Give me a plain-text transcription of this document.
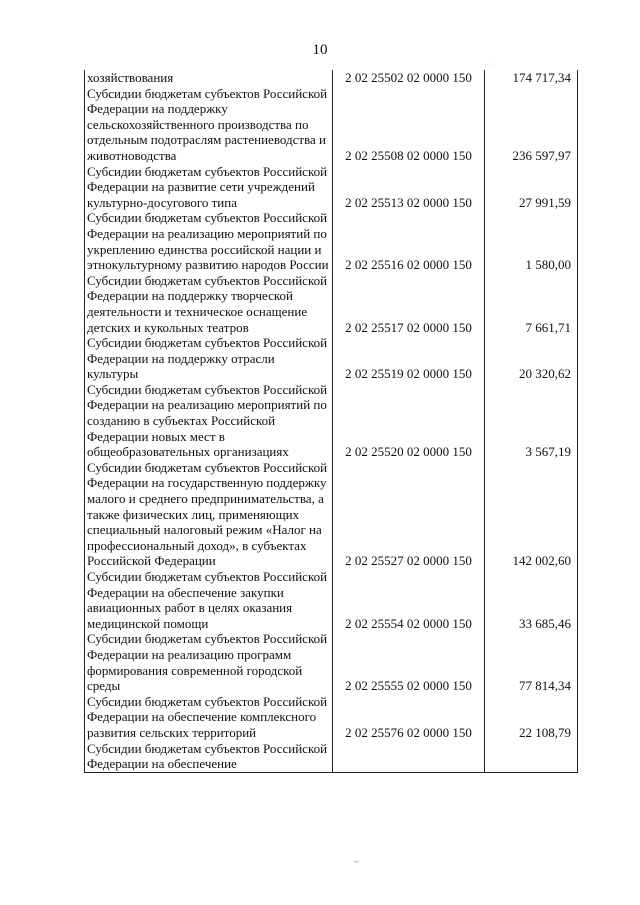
10
хозяйствования	2 02 25502 02 0000 150	174 717,34

Субсидии бюджетам субъектов Российской Федерации на поддержку сельскохозяйственного производства по отдельным подотраслям растениеводства и животноводства	2 02 25508 02 0000 150	236 597,97

Субсидии бюджетам субъектов Российской Федерации на развитие сети учреждений культурно-досугового типа	2 02 25513 02 0000 150	27 991,59

Субсидии бюджетам субъектов Российской Федерации на реализацию мероприятий по укреплению единства российской нации и этнокультурному развитию народов России	2 02 25516 02 0000 150	1 580,00

Субсидии бюджетам субъектов Российской Федерации на поддержку творческой деятельности и техническое оснащение детских и кукольных театров	2 02 25517 02 0000 150	7 661,71

Субсидии бюджетам субъектов Российской Федерации на поддержку отрасли культуры	2 02 25519 02 0000 150	20 320,62

Субсидии бюджетам субъектов Российской Федерации на реализацию мероприятий по созданию в субъектах Российской Федерации новых мест в общеобразовательных организациях	2 02 25520 02 0000 150	3 567,19

Субсидии бюджетам субъектов Российской Федерации на государственную поддержку малого и среднего предпринимательства, а также физических лиц, применяющих специальный налоговый режим «Налог на профессиональный доход», в субъектах Российской Федерации	2 02 25527 02 0000 150	142 002,60

Субсидии бюджетам субъектов Российской Федерации на обеспечение закупки авиационных работ в целях оказания медицинской помощи	2 02 25554 02 0000 150	33 685,46

Субсидии бюджетам субъектов Российской Федерации на реализацию программ формирования современной городской среды	2 02 25555 02 0000 150	77 814,34

Субсидии бюджетам субъектов Российской Федерации на обеспечение комплексного развития сельских территорий	2 02 25576 02 0000 150	22 108,79

Субсидии бюджетам субъектов Российской Федерации на обеспечение		

·
~
